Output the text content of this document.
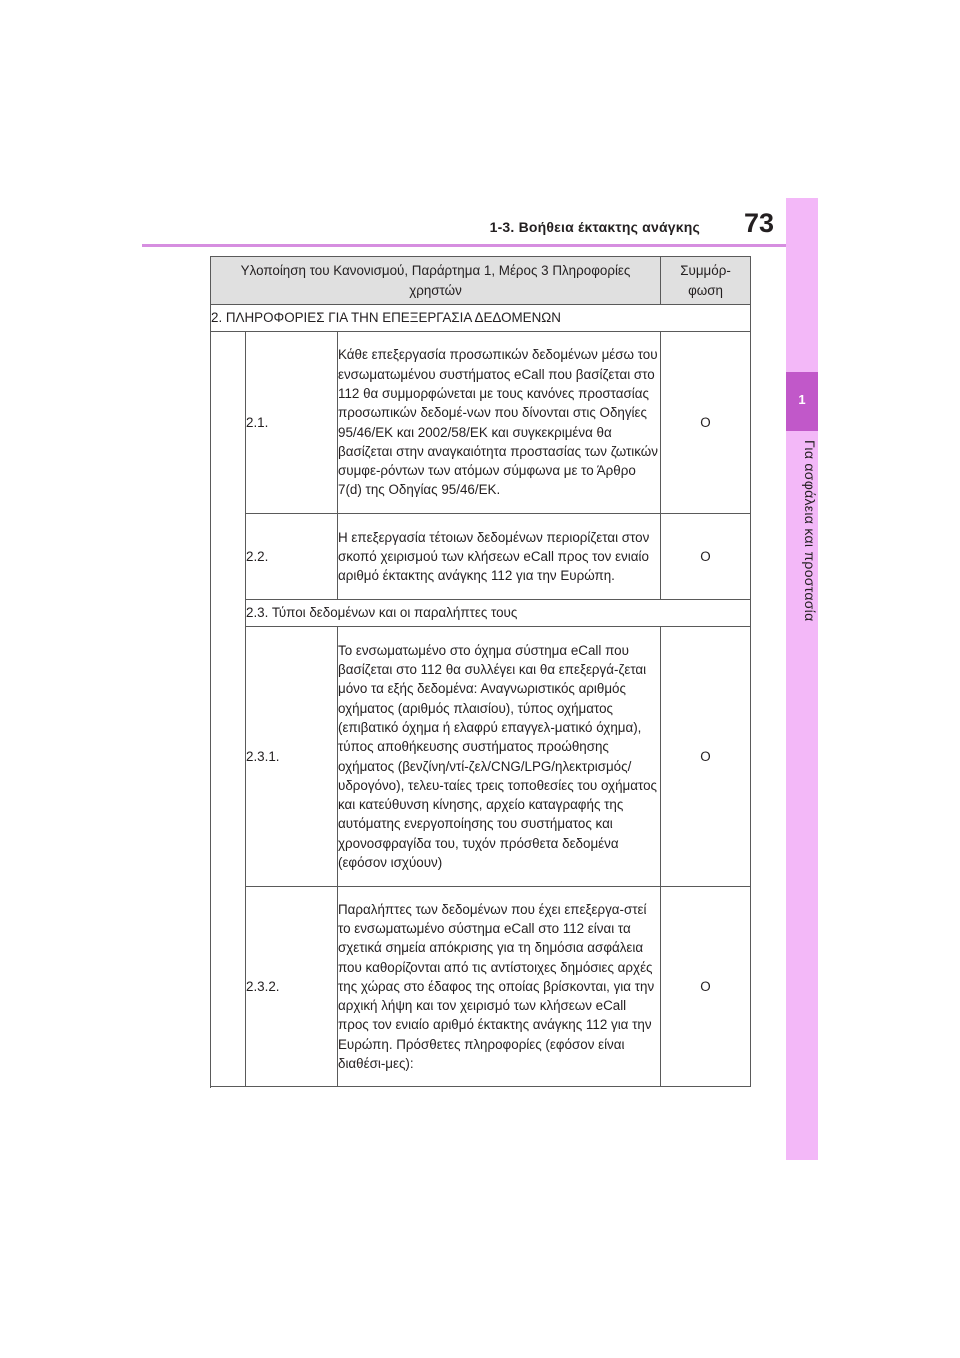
1-3. Βοήθεια έκτακτης ανάγκης	73
1
Για ασφάλεια και προστασία
Υλοποίηση του Κανονισμού, Παράρτημα 1, Μέρος 3 Πληροφορίες χρηστών			Συμμόρ-φωση
2. ΠΛΗΡΟΦΟΡΙΕΣ ΓΙΑ ΤΗΝ ΕΠΕΞΕΡΓΑΣΙΑ ΔΕΔΟΜΕΝΩΝ			
	2.1.	Κάθε επεξεργασία προσωπικών δεδομένων μέσω του ενσωματωμένου συστήματος eCall που βασίζεται στο 112 θα συμμορφώνεται με τους κανόνες προστασίας προσωπικών δεδομέ-νων που δίνονται στις Οδηγίες 95/46/ΕΚ και 2002/58/ΕΚ και συγκεκριμένα θα βασίζεται στην αναγκαιότητα προστασίας των ζωτικών συμφε-ρόντων των ατόμων σύμφωνα με το Άρθρο 7(d) της Οδηγίας 95/46/ΕΚ.	O
	2.2.	Η επεξεργασία τέτοιων δεδομένων περιορίζεται στον σκοπό χειρισμού των κλήσεων eCall προς τον ενιαίο αριθμό έκτακτης ανάγκης 112 για την Ευρώπη.	O
	2.3. Τύποι δεδομένων και οι παραλήπτες τους		
	2.3.1.	Το ενσωματωμένο στο όχημα σύστημα eCall που βασίζεται στο 112 θα συλλέγει και θα επεξεργά-ζεται μόνο τα εξής δεδομένα: Αναγνωριστικός αριθμός οχήματος (αριθμός πλαισίου), τύπος οχήματος (επιβατικό όχημα ή ελαφρύ επαγγελ-ματικό όχημα), τύπος αποθήκευσης συστήματος προώθησης οχήματος (βενζίνη/ντί-ζελ/CNG/LPG/ηλεκτρισμός/υδρογόνο), τελευ-ταίες τρεις τοποθεσίες του οχήματος και κατεύθυνση κίνησης, αρχείο καταγραφής της αυτόματης ενεργοποίησης του συστήματος και χρονοσφραγίδα του, τυχόν πρόσθετα δεδομένα (εφόσον ισχύουν)	O
	2.3.2.	Παραλήπτες των δεδομένων που έχει επεξεργα-στεί το ενσωματωμένο σύστημα eCall στο 112 είναι τα σχετικά σημεία απόκρισης για τη δημόσια ασφάλεια που καθορίζονται από τις αντίστοιχες δημόσιες αρχές της χώρας στο έδαφος της οποίας βρίσκονται, για την αρχική λήψη και τον χειρισμό των κλήσεων eCall προς τον ενιαίο αριθμό έκτακτης ανάγκης 112 για την Ευρώπη. Πρόσθετες πληροφορίες (εφόσον είναι διαθέσι-μες):	O
